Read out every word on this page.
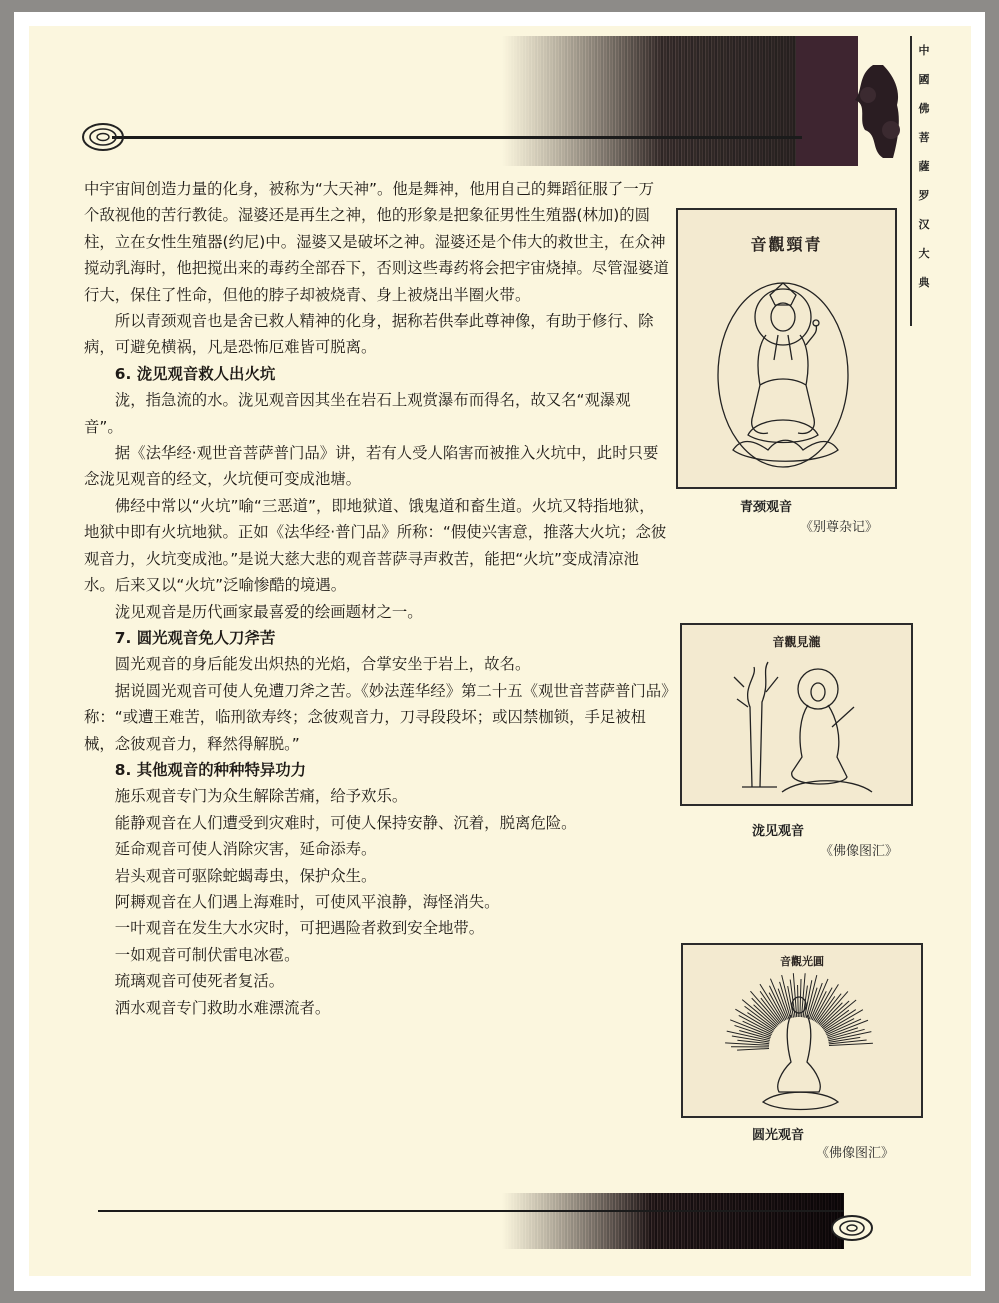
中
國
佛
菩
薩
罗
汉
大
典

中宇宙间创造力量的化身，被称为“大天神”。他是舞神，他用自己的舞蹈征服了一万个敌视他的苦行教徒。湿婆还是再生之神，他的形象是把象征男性生殖器(林加)的圆柱，立在女性生殖器(约尼)中。湿婆又是破坏之神。湿婆还是个伟大的救世主，在众神搅动乳海时，他把搅出来的毒药全部吞下，否则这些毒药将会把宇宙烧掉。尽管湿婆道行大，保住了性命，但他的脖子却被烧青、身上被烧出半圈火带。

所以青颈观音也是舍已救人精神的化身，据称若供奉此尊神像，有助于修行、除病，可避免横祸，凡是恐怖厄难皆可脱离。

6. 泷见观音救人出火坑

泷，指急流的水。泷见观音因其坐在岩石上观赏瀑布而得名，故又名“观瀑观音”。

据《法华经·观世音菩萨普门品》讲，若有人受人陷害而被推入火坑中，此时只要念泷见观音的经文，火坑便可变成池塘。

佛经中常以“火坑”喻“三恶道”，即地狱道、饿鬼道和畜生道。火坑又特指地狱，地狱中即有火坑地狱。正如《法华经·普门品》所称：“假使兴害意，推落大火坑；念彼观音力，火坑变成池。”是说大慈大悲的观音菩萨寻声救苦，能把“火坑”变成清凉池水。后来又以“火坑”泛喻惨酷的境遇。

泷见观音是历代画家最喜爱的绘画题材之一。

7. 圆光观音免人刀斧苦

圆光观音的身后能发出炽热的光焰，合掌安坐于岩上，故名。

据说圆光观音可使人免遭刀斧之苦。《妙法莲华经》第二十五《观世音菩萨普门品》称：“或遭王难苦，临刑欲寿终；念彼观音力，刀寻段段坏；或囚禁枷锁，手足被杻械，念彼观音力，释然得解脱。”

8. 其他观音的种种特异功力

施乐观音专门为众生解除苦痛，给予欢乐。

能静观音在人们遭受到灾难时，可使人保持安静、沉着，脱离危险。

延命观音可使人消除灾害，延命添寿。

岩头观音可驱除蛇蝎毒虫，保护众生。

阿耨观音在人们遇上海难时，可使风平浪静，海怪消失。

一叶观音在发生大水灾时，可把遇险者救到安全地带。

一如观音可制伏雷电冰雹。

琉璃观音可使死者复活。

洒水观音专门救助水难漂流者。

音觀頸青
青颈观音
《别尊杂记》
音觀見瀧
泷见观音
《佛像图汇》
音觀光圓
圆光观音
《佛像图汇》
